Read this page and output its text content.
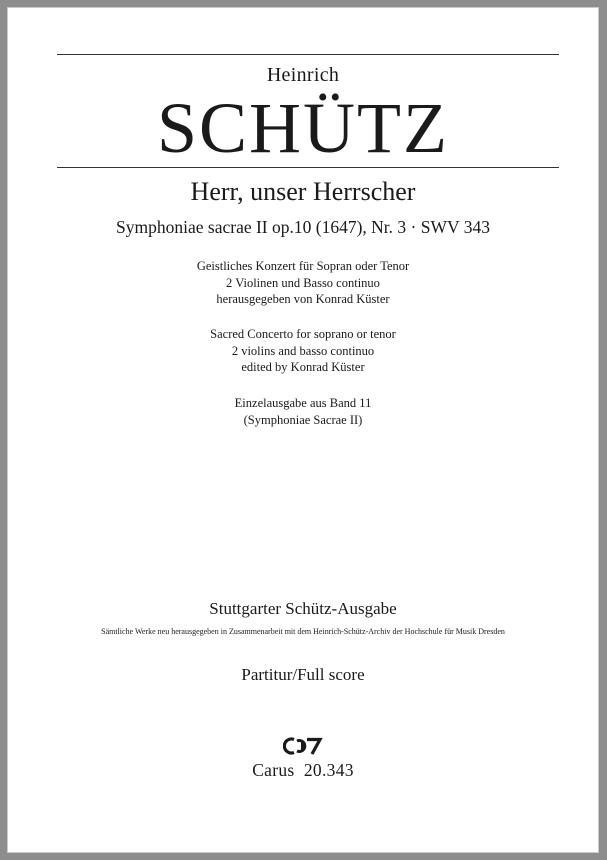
Heinrich
SCHÜTZ
Herr, unser Herrscher
Symphoniae sacrae II op.10 (1647), Nr. 3 · SWV 343
Geistliches Konzert für Sopran oder Tenor
2 Violinen und Basso continuo
herausgegeben von Konrad Küster
Sacred Concerto for soprano or tenor
2 violins and basso continuo
edited by Konrad Küster
Einzelausgabe aus Band 11
(Symphoniae Sacrae II)
Stuttgarter Schütz-Ausgabe
Sämtliche Werke neu herausgegeben in Zusammenarbeit mit dem Heinrich-Schütz-Archiv der Hochschule für Musik Dresden
Partitur/Full score
Carus  20.343
